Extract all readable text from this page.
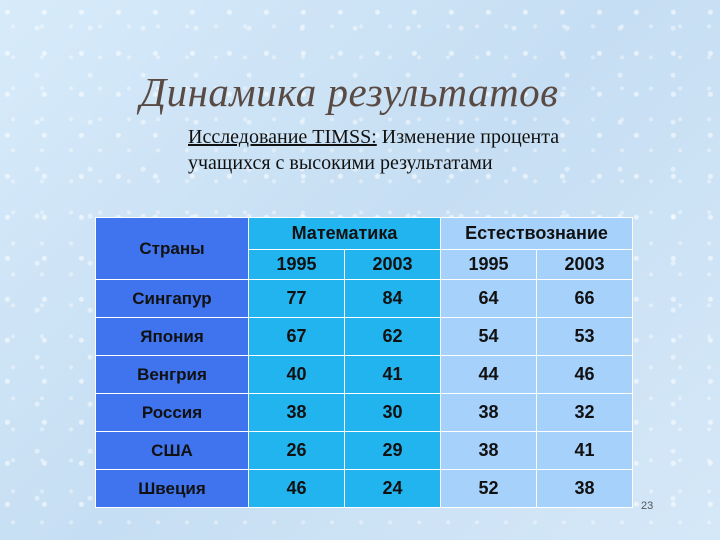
Динамика результатов
Исследование TIMSS: Изменение процента
учащихся с высокими результатами
Страны	Математика		Естествознание	
	1995	2003	1995	2003
Сингапур	77	84	64	66
Япония	67	62	54	53
Венгрия	40	41	44	46
Россия	38	30	38	32
США	26	29	38	41
Швеция	46	24	52	38
23
